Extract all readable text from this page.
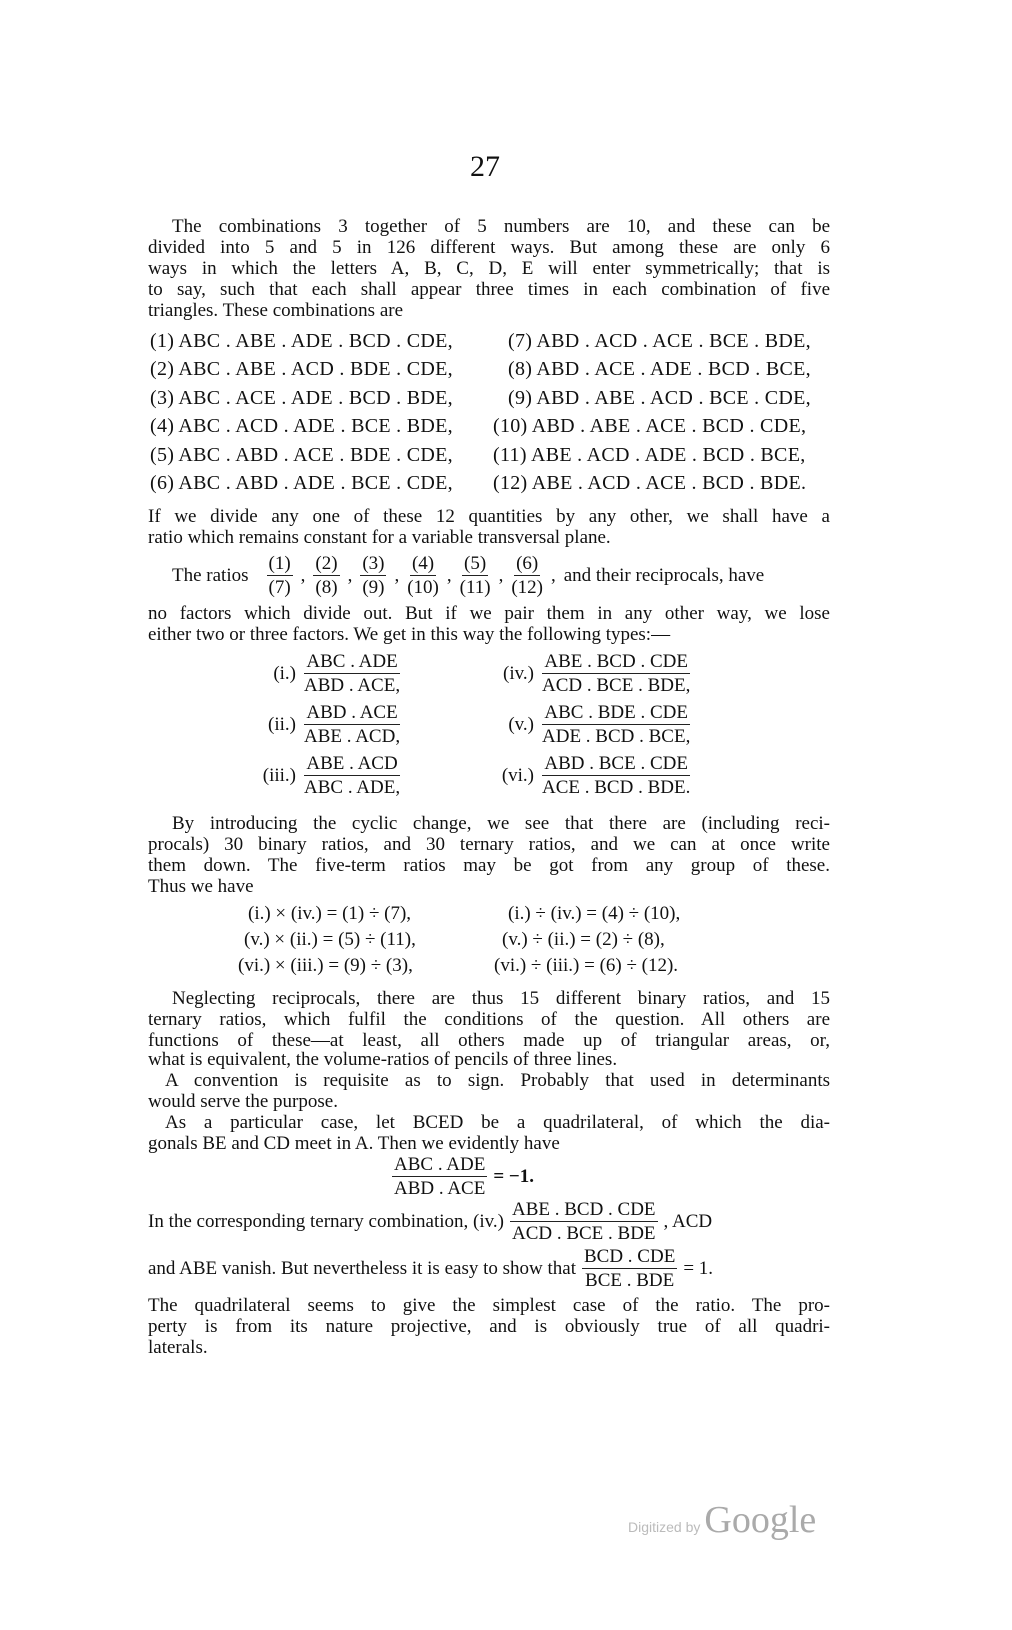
27
The combinations 3 together of 5 numbers are 10, and these can be
divided into 5 and 5 in 126 different ways. But among these are only 6
ways in which the letters A, B, C, D, E will enter symmetrically; that is
to say, such that each shall appear three times in each combination of five
triangles. These combinations are
(1) ABC . ABE . ADE . BCD . CDE,
(2) ABC . ABE . ACD . BDE . CDE,
(3) ABC . ACE . ADE . BCD . BDE,
(4) ABC . ACD . ADE . BCE . BDE,
(5) ABC . ABD . ACE . BDE . CDE,
(6) ABC . ABD . ADE . BCE . CDE,
(7) ABD . ACD . ACE . BCE . BDE,
(8) ABD . ACE . ADE . BCD . BCE,
(9) ABD . ABE . ACD . BCE . CDE,
(10) ABD . ABE . ACE . BCD . CDE,
(11) ABE . ACD . ADE . BCD . BCE,
(12) ABE . ACD . ACE . BCD . BDE.
If we divide any one of these 12 quantities by any other, we shall have a
ratio which remains constant for a variable transversal plane.
The ratios $\frac{(1)}{(7)}$ , $\frac{(2)}{(8)}$ , $\frac{(3)}{(9)}$ , $\frac{(4)}{(10)}$ , $\frac{(5)}{(11)}$ , $\frac{(6)}{(12)}$ , and their reciprocals, have
no factors which divide out. But if we pair them in any other way, we lose
either two or three factors. We get in this way the following types:—
$(i.) \frac{\text{ABC . ADE}}{\text{ABD . ACE,}}$
$(ii.) \frac{\text{ABD . ACE}}{\text{ABE . ACD,}}$
$(iii.) \frac{\text{ABE . ACD}}{\text{ABC . ADE,}}$
$(iv.) \frac{\text{ABE . BCD . CDE}}{\text{ACD . BCE . BDE,}}$
$(v.) \frac{\text{ABC . BDE . CDE}}{\text{ADE . BCD . BCE,}}$
$(vi.) \frac{\text{ABD . BCE . CDE}}{\text{ACE . BCD . BDE.}}$
By introducing the cyclic change, we see that there are (including reci-
procals) 30 binary ratios, and 30 ternary ratios, and we can at once write
them down. The five-term ratios may be got from any group of these.
Thus we have
(i.) × (iv.) = (1) ÷ (7),
(v.) × (ii.) = (5) ÷ (11),
(vi.) × (iii.) = (9) ÷ (3),
(i.) ÷ (iv.) = (4) ÷ (10),
(v.) ÷ (ii.) = (2) ÷ (8),
(vi.) ÷ (iii.) = (6) ÷ (12).
Neglecting reciprocals, there are thus 15 different binary ratios, and 15
ternary ratios, which fulfil the conditions of the question. All others are
functions of these—at least, all others made up of triangular areas, or,
what is equivalent, the volume-ratios of pencils of three lines.
A convention is requisite as to sign. Probably that used in determinants
would serve the purpose.
As a particular case, let BCED be a quadrilateral, of which the dia-
gonals BE and CD meet in A. Then we evidently have
$\frac{\text{ABC . ADE}}{\text{ABD . ACE}} = -1$.
In the corresponding ternary combination, $(iv.) \frac{\text{ABE . BCD . CDE}}{\text{ACD . BCE . BDE}}$ , ACD
and ABE vanish. But nevertheless it is easy to show that $\frac{\text{BCD . CDE}}{\text{BCE . BDE}} = 1$.
The quadrilateral seems to give the simplest case of the ratio. The pro-
perty is from its nature projective, and is obviously true of all quadri-
laterals.
Digitized by Google
